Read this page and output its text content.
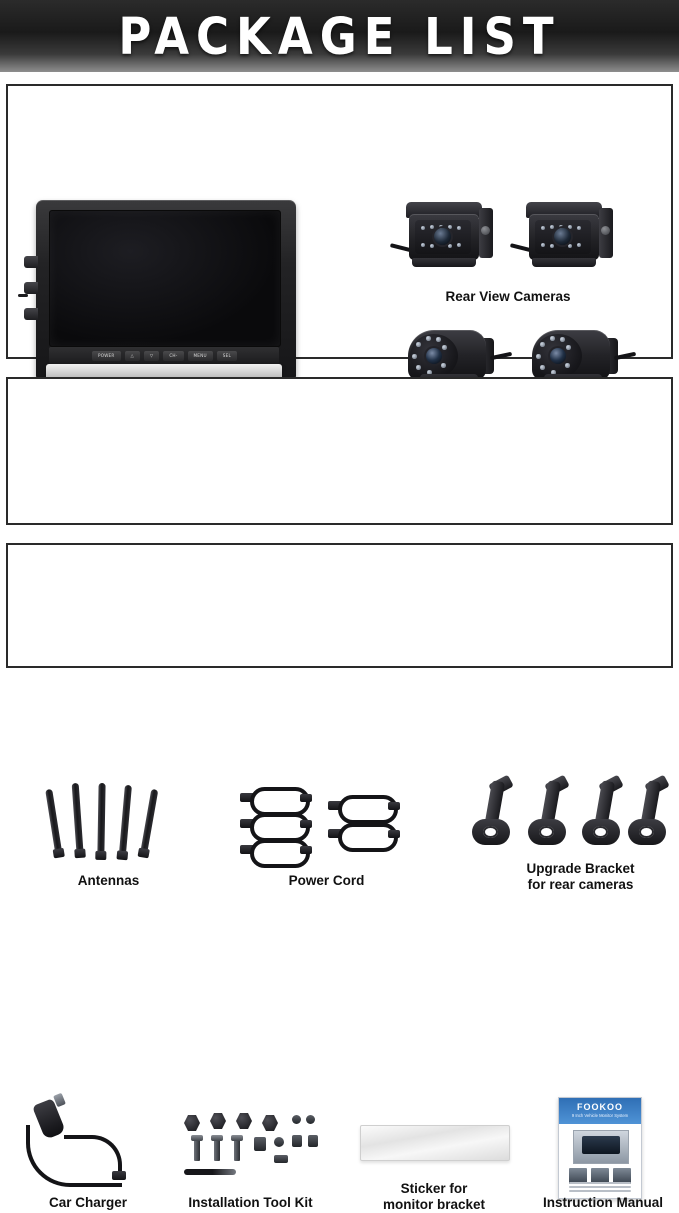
PACKAGE LIST
POWER	△	▽	CH-	MENU	SEL
Rear View Cameras
Antennas	Power Cord
Upgrade Bracket
for rear cameras
Car Charger	Installation Tool Kit
Sticker for
monitor bracket
FOOKOO
9 Inch Vehicle Monitor System
Instruction Manual
